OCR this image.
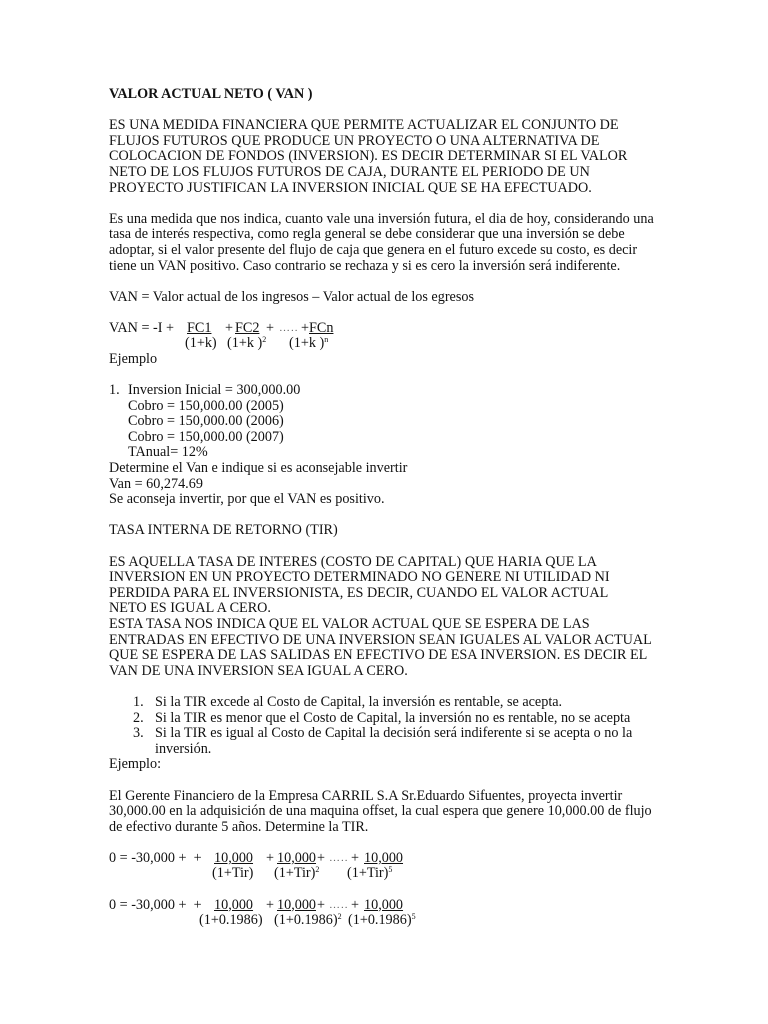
VALOR ACTUAL NETO ( VAN )

ES UNA MEDIDA FINANCIERA QUE PERMITE ACTUALIZAR EL CONJUNTO DE

FLUJOS FUTUROS QUE PRODUCE UN PROYECTO O UNA ALTERNATIVA DE

COLOCACION DE FONDOS (INVERSION). ES DECIR DETERMINAR SI EL VALOR

NETO DE LOS FLUJOS FUTUROS DE CAJA, DURANTE EL PERIODO DE UN

PROYECTO JUSTIFICAN LA INVERSION INICIAL QUE SE HA EFECTUADO.

Es una medida que nos indica, cuanto vale una inversión futura, el dia de hoy, considerando una

tasa de interés respectiva, como regla general se debe considerar que una inversión se debe

adoptar, si el valor presente del flujo de caja que genera en el futuro excede su costo, es decir

tiene un VAN positivo. Caso contrario se rechaza y si es cero la inversión será indiferente.

VAN = Valor actual de los ingresos – Valor actual de los egresos

VAN = -I + FC1 + FC2 + ….. + FCn
(1+k) (1+k )$^2$ (1+k )$^n$

Ejemplo

1. Inversion Inicial = 300,000.00

Cobro = 150,000.00 (2005)

Cobro = 150,000.00 (2006)

Cobro = 150,000.00 (2007)

TAnual= 12%

Determine el Van e indique si es aconsejable invertir

Van = 60,274.69

Se aconseja invertir, por que el VAN es positivo.

TASA INTERNA DE RETORNO (TIR)

ES AQUELLA TASA DE INTERES (COSTO DE CAPITAL) QUE HARIA QUE LA

INVERSION EN UN PROYECTO DETERMINADO NO GENERE NI UTILIDAD NI

PERDIDA PARA EL INVERSIONISTA, ES DECIR, CUANDO EL VALOR ACTUAL

NETO ES IGUAL A CERO.

ESTA TASA NOS INDICA QUE EL VALOR ACTUAL QUE SE ESPERA DE LAS

ENTRADAS EN EFECTIVO DE UNA INVERSION SEAN IGUALES AL VALOR ACTUAL

QUE SE ESPERA DE LAS SALIDAS EN EFECTIVO DE ESA INVERSION. ES DECIR EL

VAN DE UNA INVERSION SEA IGUAL A CERO.

1. Si la TIR excede al Costo de Capital, la inversión es rentable, se acepta.
2. Si la TIR es menor que el Costo de Capital, la inversión no es rentable, no se acepta
3. Si la TIR es igual al Costo de Capital la decisión será indiferente si se acepta o no la
inversión.

Ejemplo:

El Gerente Financiero de la Empresa CARRIL S.A Sr.Eduardo Sifuentes, proyecta invertir

30,000.00 en la adquisición de una maquina offset, la cual espera que genere 10,000.00 de flujo

de efectivo durante 5 años. Determine la TIR.

0 = -30,000 +  + 10,000 + 10,000 + ….. + 10,000
(1+Tir) $(1+Tir)^2$ $(1+Tir)^5$
0 = -30,000 +  + 10,000 + 10,000 + ….. + 10,000
(1+0.1986) $(1+0.1986)^2$ $(1+0.1986)^5$
